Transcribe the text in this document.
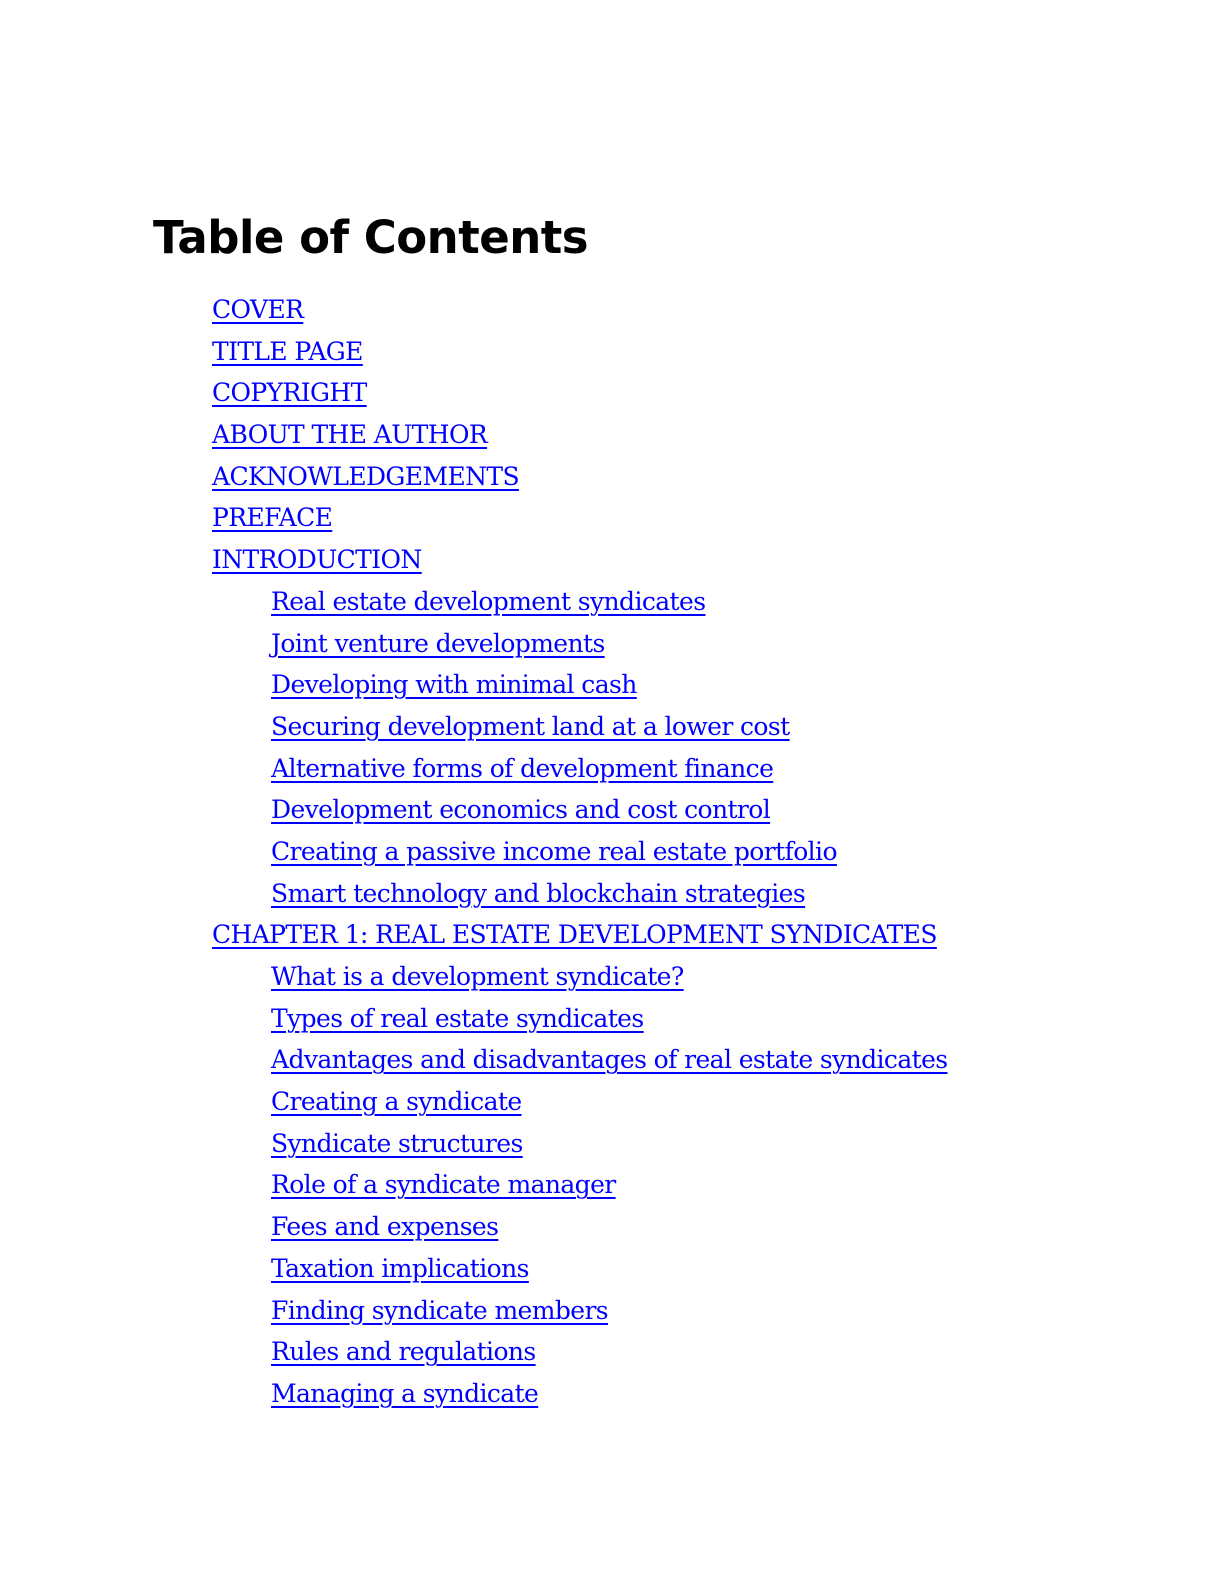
Table of Contents
COVER
TITLE PAGE
COPYRIGHT
ABOUT THE AUTHOR
ACKNOWLEDGEMENTS
PREFACE
INTRODUCTION
Real estate development syndicates
Joint venture developments
Developing with minimal cash
Securing development land at a lower cost
Alternative forms of development finance
Development economics and cost control
Creating a passive income real estate portfolio
Smart technology and blockchain strategies
CHAPTER 1: REAL ESTATE DEVELOPMENT SYNDICATES
What is a development syndicate?
Types of real estate syndicates
Advantages and disadvantages of real estate syndicates
Creating a syndicate
Syndicate structures
Role of a syndicate manager
Fees and expenses
Taxation implications
Finding syndicate members
Rules and regulations
Managing a syndicate
